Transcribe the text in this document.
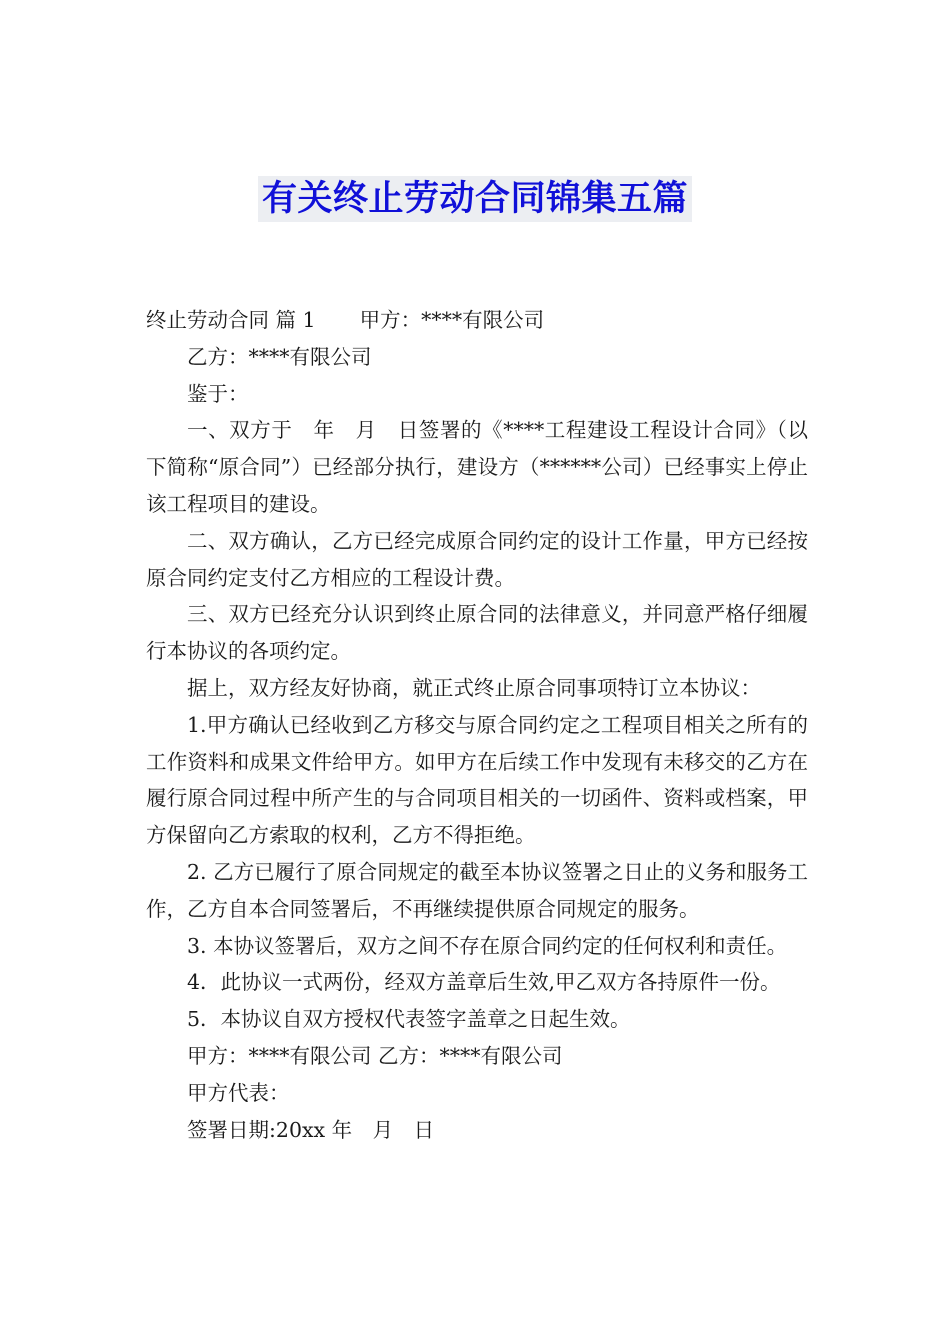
有关终止劳动合同锦集五篇

终止劳动合同 篇 1 甲方：****有限公司

乙方：****有限公司

鉴于：

一、双方于　年　月　日签署的《****工程建设工程设计合同》（以下简称“原合同”）已经部分执行，建设方（******公司）已经事实上停止该工程项目的建设。

二、双方确认，乙方已经完成原合同约定的设计工作量，甲方已经按原合同约定支付乙方相应的工程设计费。

三、双方已经充分认识到终止原合同的法律意义，并同意严格仔细履行本协议的各项约定。

据上，双方经友好协商，就正式终止原合同事项特订立本协议：

1.甲方确认已经收到乙方移交与原合同约定之工程项目相关之所有的工作资料和成果文件给甲方。如甲方在后续工作中发现有未移交的乙方在履行原合同过程中所产生的与合同项目相关的一切函件、资料或档案，甲方保留向乙方索取的权利，乙方不得拒绝。

2. 乙方已履行了原合同规定的截至本协议签署之日止的义务和服务工作，乙方自本合同签署后，不再继续提供原合同规定的服务。

3. 本协议签署后，双方之间不存在原合同约定的任何权利和责任。

4．此协议一式两份，经双方盖章后生效,甲乙双方各持原件一份。

5．本协议自双方授权代表签字盖章之日起生效。

甲方：****有限公司 乙方：****有限公司

甲方代表：

签署日期:20xx 年　月　日
